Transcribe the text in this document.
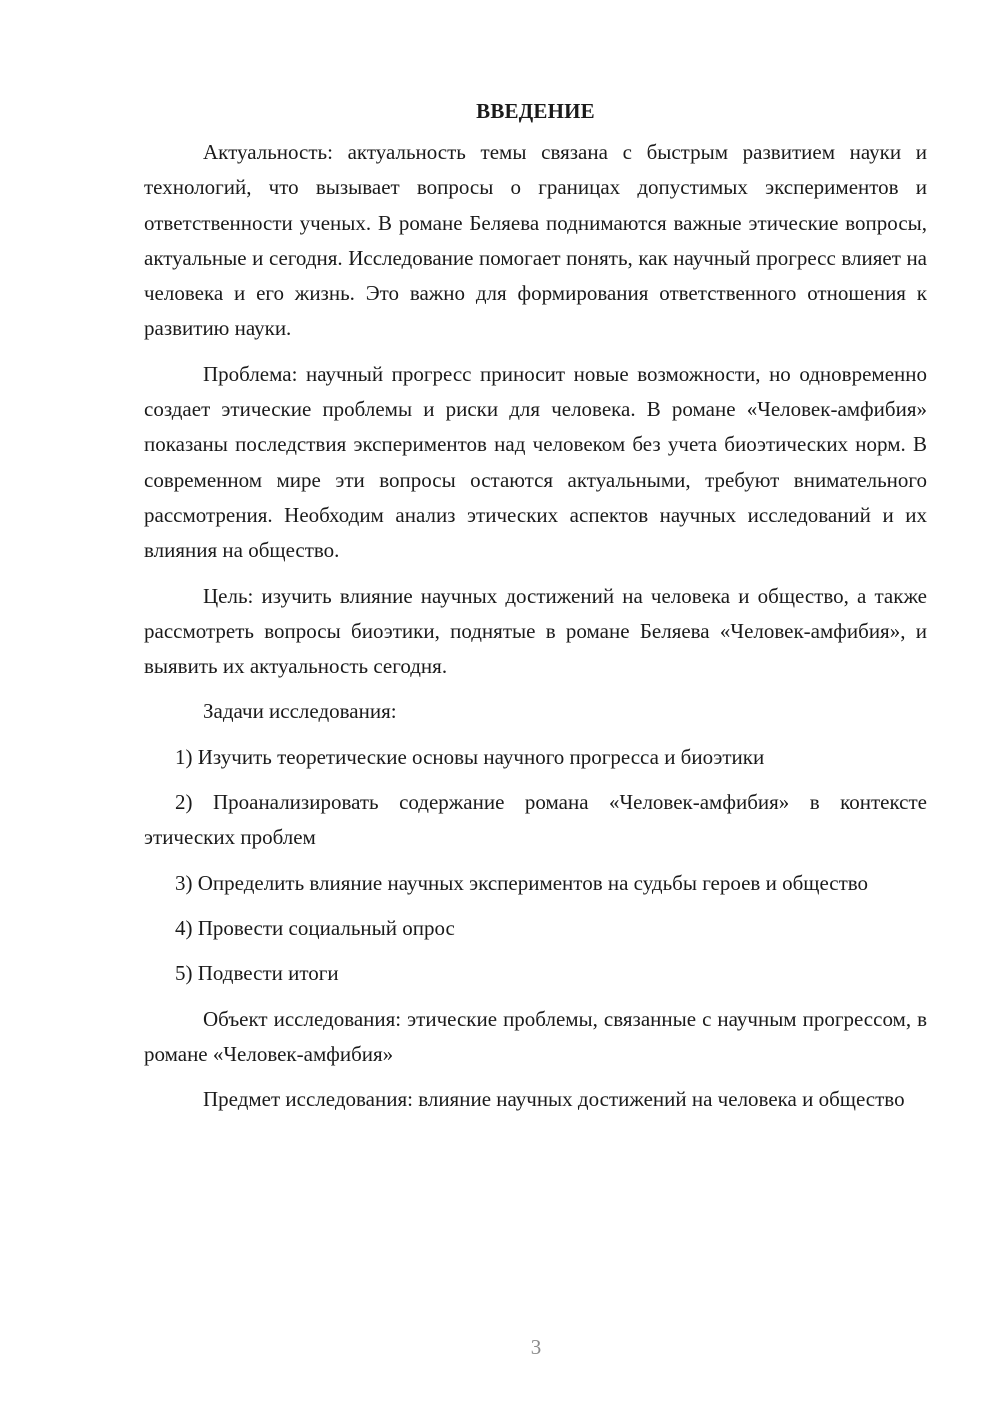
ВВЕДЕНИЕ

Актуальность: актуальность темы связана с быстрым развитием науки и технологий, что вызывает вопросы о границах допустимых экспериментов и ответственности ученых. В романе Беляева поднимаются важные этические вопросы, актуальные и сегодня. Исследование помогает понять, как научный прогресс влияет на человека и его жизнь. Это важно для формирования ответственного отношения к развитию науки.

Проблема: научный прогресс приносит новые возможности, но одновременно создает этические проблемы и риски для человека. В романе «Человек-амфибия» показаны последствия экспериментов над человеком без учета биоэтических норм. В современном мире эти вопросы остаются актуальными, требуют внимательного рассмотрения. Необходим анализ этических аспектов научных исследований и их влияния на общество.

Цель: изучить влияние научных достижений на человека и общество, а также рассмотреть вопросы биоэтики, поднятые в романе Беляева «Человек-амфибия», и выявить их актуальность сегодня.

Задачи исследования:

1) Изучить теоретические основы научного прогресса и биоэтики

2) Проанализировать содержание романа «Человек-амфибия» в контексте этических проблем

3) Определить влияние научных экспериментов на судьбы героев и общество

4) Провести социальный опрос

5) Подвести итоги

Объект исследования: этические проблемы, связанные с научным прогрессом, в романе «Человек-амфибия»

Предмет исследования: влияние научных достижений на человека и общество

3
